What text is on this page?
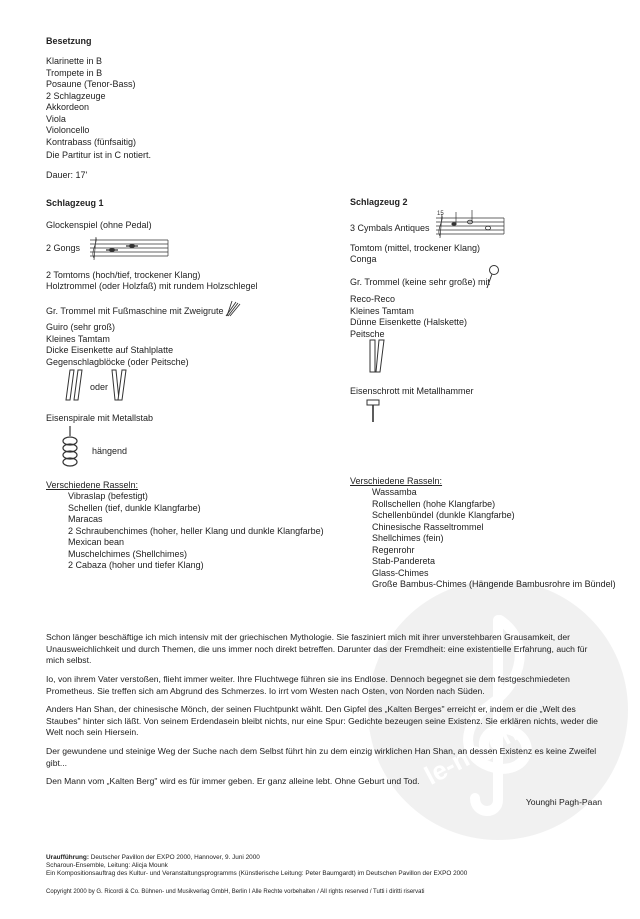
le-noten.
Besetzung
Klarinette in B
Trompete in B
Posaune (Tenor-Bass)
2 Schlagzeuge
Akkordeon
Viola
Violoncello
Kontrabass (fünfsaitig)
Die Partitur ist in C notiert.
Dauer: 17'
Schlagzeug 1
Glockenspiel (ohne Pedal)
2 Gongs
2 Tomtoms (hoch/tief, trockener Klang)
Holztrommel (oder Holzfaß) mit rundem Holzschlegel
Gr. Trommel mit Fußmaschine mit Zweigrute
Guiro (sehr groß)
Kleines Tamtam
Dicke Eisenkette auf Stahlplatte
Gegenschlagblöcke (oder Peitsche)
oder
Eisenspirale mit Metallstab
hängend
Verschiedene Rasseln:
Vibraslap (befestigt)
Schellen (tief, dunkle Klangfarbe)
Maracas
2 Schraubenchimes (hoher, heller Klang und dunkle Klangfarbe)
Mexican bean
Muschelchimes (Shellchimes)
2 Cabaza (hoher und tiefer Klang)
Schlagzeug 2
3 Cymbals Antiques
15
Tomtom (mittel, trockener Klang)
Conga
Gr. Trommel (keine sehr große) mit
Reco-Reco
Kleines Tamtam
Dünne Eisenkette (Halskette)
Peitsche
Eisenschrott mit Metallhammer
Verschiedene Rasseln:
Wassamba
Rollschellen (hohe Klangfarbe)
Schellenbündel (dunkle Klangfarbe)
Chinesische Rasseltrommel
Shellchimes (fein)
Regenrohr
Stab-Pandereta
Glass-Chimes
Große Bambus-Chimes (Hängende Bambusrohre im Bündel)
Schon länger beschäftige ich mich intensiv mit der griechischen Mythologie. Sie fasziniert mich mit ihrer unverstehbaren Grausamkeit, der Unausweichlichkeit und durch Themen, die uns immer noch direkt betreffen. Darunter das der Fremdheit: eine existentielle Erfahrung, auch für mich selbst.
Io, von ihrem Vater verstoßen, flieht immer weiter. Ihre Fluchtwege führen sie ins Endlose. Dennoch begegnet sie dem festgeschmiedeten Prometheus. Sie treffen sich am Abgrund des Schmerzes. Io irrt vom Westen nach Osten, von Norden nach Süden.
Anders Han Shan, der chinesische Mönch, der seinen Fluchtpunkt wählt. Den Gipfel des „Kalten Berges" erreicht er, indem er die „Welt des Staubes" hinter sich läßt. Von seinem Erdendasein bleibt nichts, nur eine Spur: Gedichte bezeugen seine Existenz. Sie erklären nichts, weder die Welt noch sein Hiersein.
Der gewundene und steinige Weg der Suche nach dem Selbst führt hin zu dem einzig wirklichen Han Shan, an dessen Existenz es keine Zweifel gibt...
Den Mann vom „Kalten Berg" wird es für immer geben. Er ganz alleine lebt. Ohne Geburt und Tod.
Younghi Pagh-Paan
Uraufführung: Deutscher Pavillon der EXPO 2000, Hannover, 9. Juni 2000
Scharoun-Ensemble, Leitung: Alicja Mounk
Ein Kompositionsauftrag des Kultur- und Veranstaltungsprogramms (Künstlerische Leitung: Peter Baumgardt) im Deutschen Pavillon der EXPO 2000
Copyright 2000 by G. Ricordi & Co. Bühnen- und Musikverlag GmbH, Berlin I Alle Rechte vorbehalten / All rights reserved / Tutti i diritti riservati
